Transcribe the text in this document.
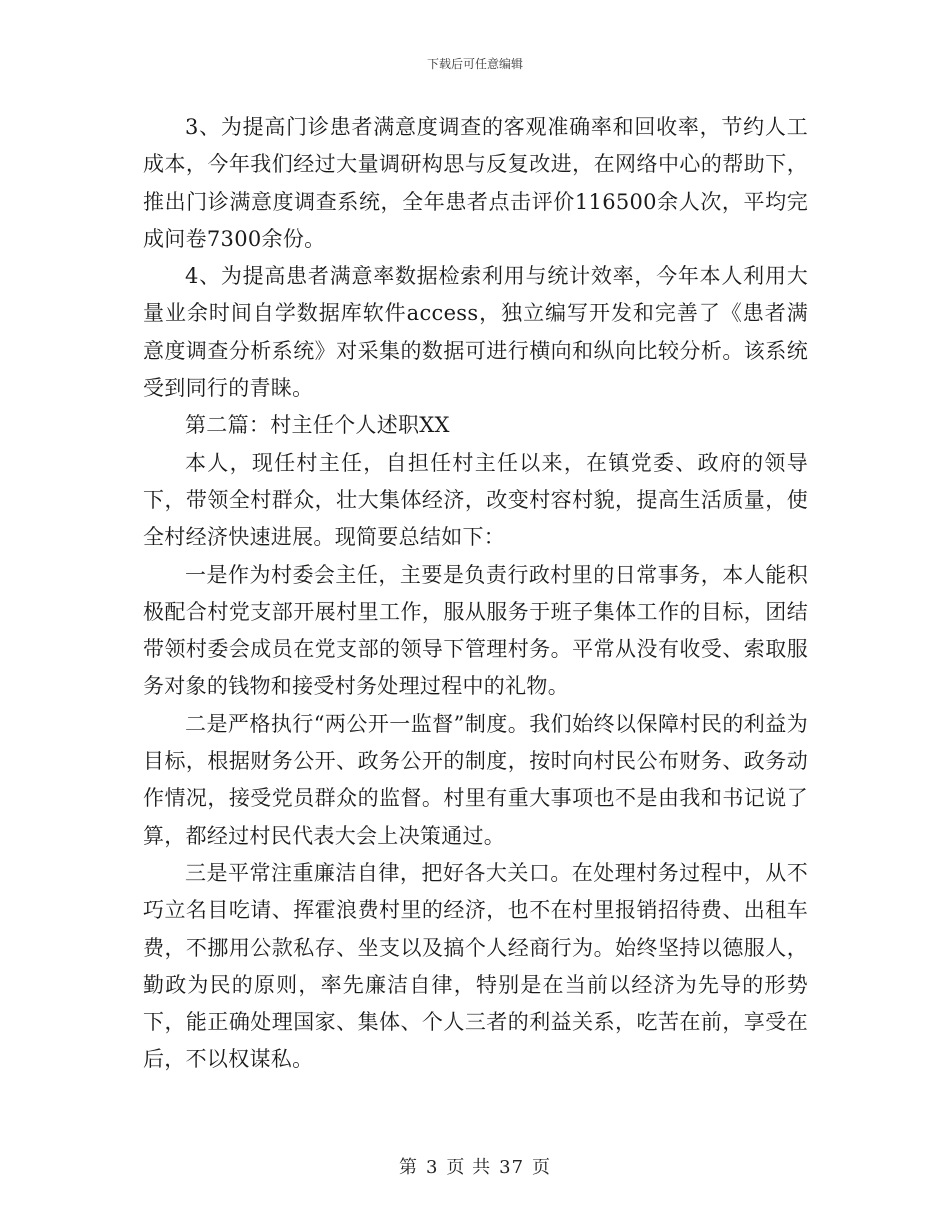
下载后可任意编辑

3、为提高门诊患者满意度调查的客观准确率和回收率，节约人工成本，今年我们经过大量调研构思与反复改进，在网络中心的帮助下，推出门诊满意度调查系统，全年患者点击评价116500余人次，平均完成问卷7300余份。

4、为提高患者满意率数据检索利用与统计效率，今年本人利用大量业余时间自学数据库软件access，独立编写开发和完善了《患者满意度调查分析系统》对采集的数据可进行横向和纵向比较分析。该系统受到同行的青睐。

第二篇：村主任个人述职XX

本人，现任村主任，自担任村主任以来，在镇党委、政府的领导下，带领全村群众，壮大集体经济，改变村容村貌，提高生活质量，使全村经济快速进展。现简要总结如下：

一是作为村委会主任，主要是负责行政村里的日常事务，本人能积极配合村党支部开展村里工作，服从服务于班子集体工作的目标，团结带领村委会成员在党支部的领导下管理村务。平常从没有收受、索取服务对象的钱物和接受村务处理过程中的礼物。

二是严格执行“两公开一监督”制度。我们始终以保障村民的利益为目标，根据财务公开、政务公开的制度，按时向村民公布财务、政务动作情况，接受党员群众的监督。村里有重大事项也不是由我和书记说了算，都经过村民代表大会上决策通过。

三是平常注重廉洁自律，把好各大关口。在处理村务过程中，从不巧立名目吃请、挥霍浪费村里的经济，也不在村里报销招待费、出租车费，不挪用公款私存、坐支以及搞个人经商行为。始终坚持以德服人，勤政为民的原则，率先廉洁自律，特别是在当前以经济为先导的形势下，能正确处理国家、集体、个人三者的利益关系，吃苦在前，享受在后，不以权谋私。

第 3 页 共 37 页
